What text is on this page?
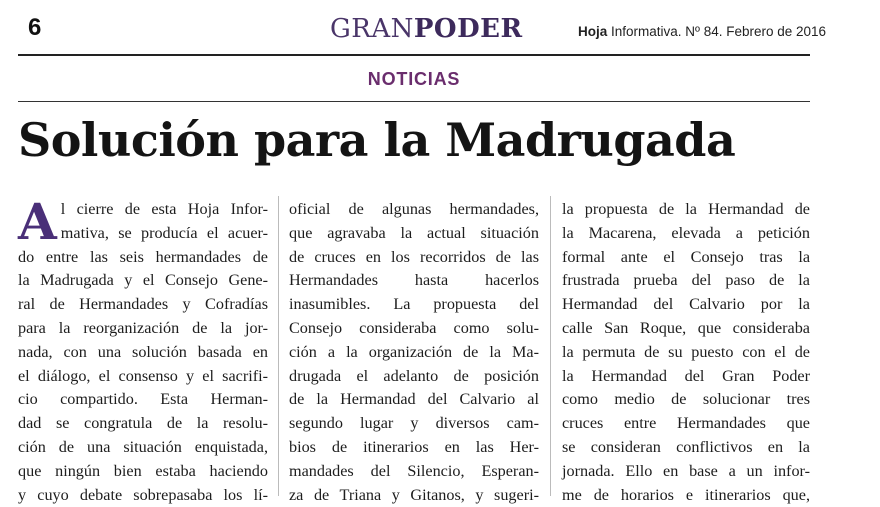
6	GRANPODER	Hoja Informativa. Nº 84. Febrero de 2016
NOTICIAS
Solución para la Madrugada
A l cierre de esta Hoja Infor-
mativa, se producía el acuer-
do entre las seis hermandades de
la Madrugada y el Consejo Gene-
ral de Hermandades y Cofradías
para la reorganización de la jor-
nada, con una solución basada en
el diálogo, el consenso y el sacrifi-
cio compartido. Esta Herman-
dad se congratula de la resolu-
ción de una situación enquistada,
que ningún bien estaba haciendo
y cuyo debate sobrepasaba los lí-
oficial de algunas hermandades,
que agravaba la actual situación
de cruces en los recorridos de las
Hermandades hasta hacerlos
inasumibles. La propuesta del
Consejo consideraba como solu-
ción a la organización de la Ma-
drugada el adelanto de posición
de la Hermandad del Calvario al
segundo lugar y diversos cam-
bios de itinerarios en las Her-
mandades del Silencio, Esperan-
za de Triana y Gitanos, y sugeri-
la propuesta de la Hermandad de
la Macarena, elevada a petición
formal ante el Consejo tras la
frustrada prueba del paso de la
Hermandad del Calvario por la
calle San Roque, que consideraba
la permuta de su puesto con el de
la Hermandad del Gran Poder
como medio de solucionar tres
cruces entre Hermandades que
se consideran conflictivos en la
jornada. Ello en base a un infor-
me de horarios e itinerarios que,
